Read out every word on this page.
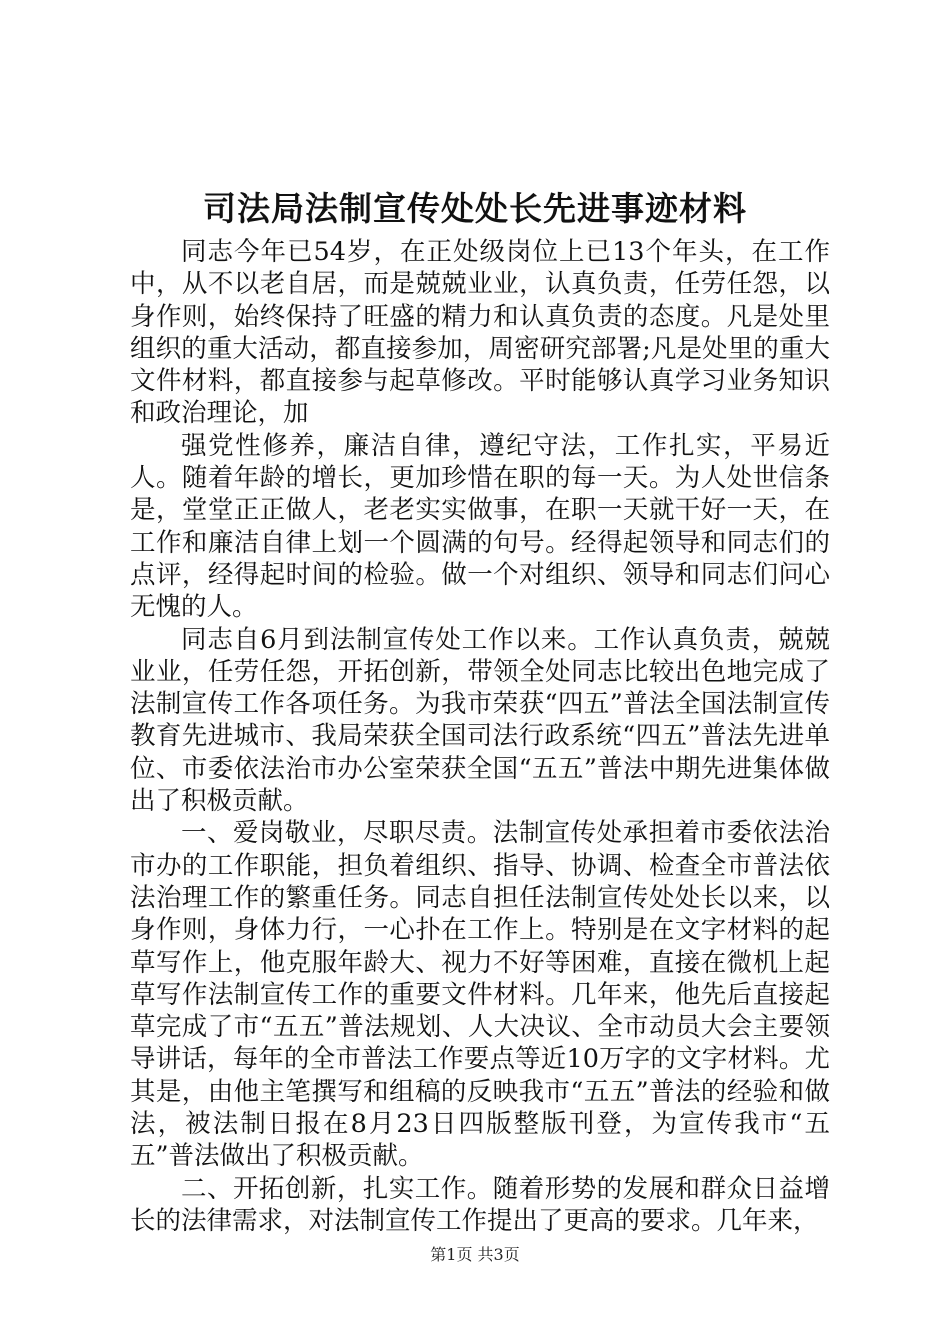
司法局法制宣传处处长先进事迹材料

同志今年已54岁，在正处级岗位上已13个年头，在工作中，从不以老自居，而是兢兢业业，认真负责，任劳任怨，以身作则，始终保持了旺盛的精力和认真负责的态度。凡是处里组织的重大活动，都直接参加，周密研究部署;凡是处里的重大文件材料，都直接参与起草修改。平时能够认真学习业务知识和政治理论，加

强党性修养，廉洁自律，遵纪守法，工作扎实，平易近人。随着年龄的增长，更加珍惜在职的每一天。为人处世信条是，堂堂正正做人，老老实实做事，在职一天就干好一天，在工作和廉洁自律上划一个圆满的句号。经得起领导和同志们的点评，经得起时间的检验。做一个对组织、领导和同志们问心无愧的人。

同志自6月到法制宣传处工作以来。工作认真负责，兢兢业业，任劳任怨，开拓创新，带领全处同志比较出色地完成了法制宣传工作各项任务。为我市荣获“四五”普法全国法制宣传教育先进城市、我局荣获全国司法行政系统“四五”普法先进单位、市委依法治市办公室荣获全国“五五”普法中期先进集体做出了积极贡献。

一、爱岗敬业，尽职尽责。法制宣传处承担着市委依法治市办的工作职能，担负着组织、指导、协调、检查全市普法依法治理工作的繁重任务。同志自担任法制宣传处处长以来，以身作则，身体力行，一心扑在工作上。特别是在文字材料的起草写作上，他克服年龄大、视力不好等困难，直接在微机上起草写作法制宣传工作的重要文件材料。几年来，他先后直接起草完成了市“五五”普法规划、人大决议、全市动员大会主要领导讲话，每年的全市普法工作要点等近10万字的文字材料。尤其是，由他主笔撰写和组稿的反映我市“五五”普法的经验和做法，被法制日报在8月23日四版整版刊登，为宣传我市“五五”普法做出了积极贡献。

二、开拓创新，扎实工作。随着形势的发展和群众日益增长的法律需求，对法制宣传工作提出了更高的要求。几年来，

第1页 共3页
